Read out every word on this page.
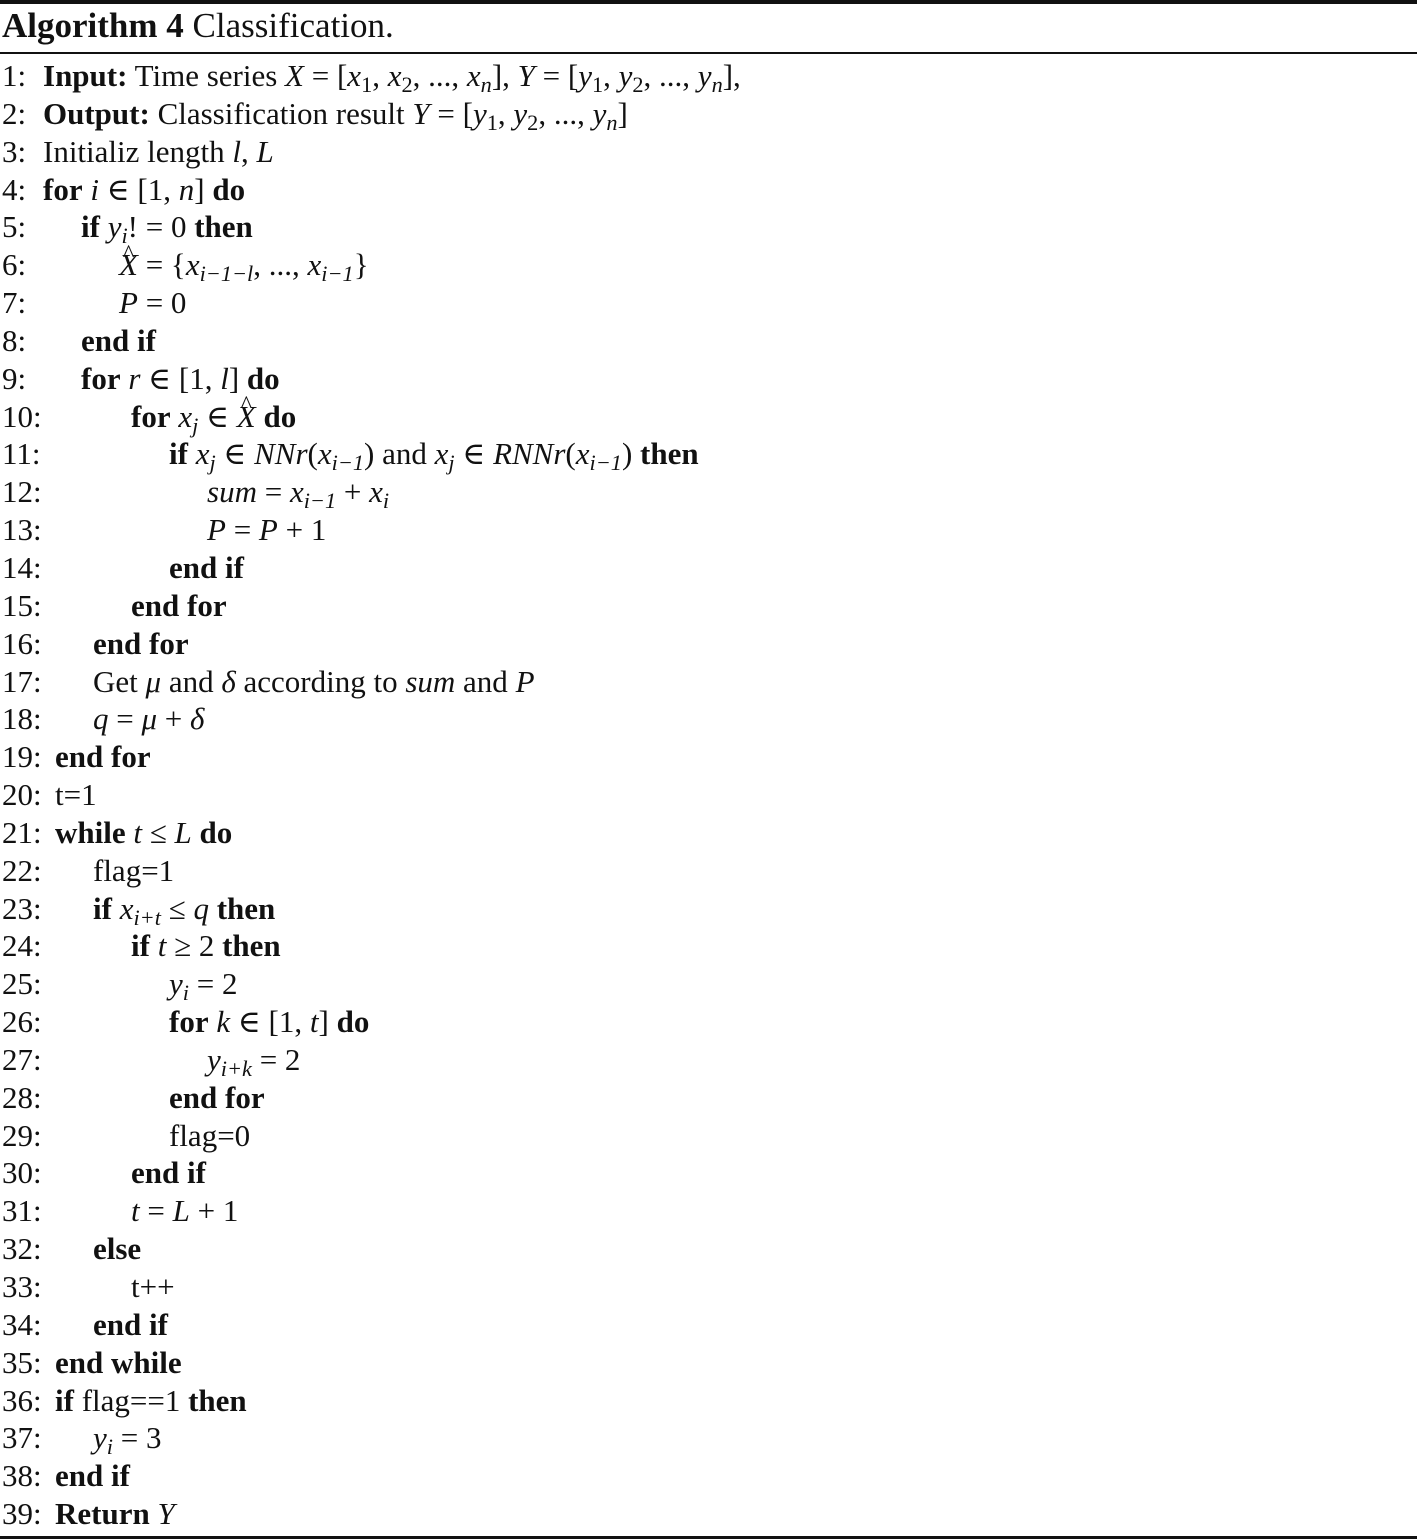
Algorithm 4 Classification.
1: Input: Time series $X = [x_1$, $x_2$, ..., $x_n$], $Y = [y_1$, $y_2$, ..., $y_n$],
2: Output: Classification result $Y = [y_1$, $y_2$, ..., $y_n$]
3: Initializ length l, L
4: for i ∈ [1, n] do
5: if $y_i$! = 0 then
6:
^	$X = \{x_{i-1-l}$, ..., $x_{i-1}$}
7:	P = 0
8: end if
9: for r ∈ [1, l] do
10:	for $x_j$ ∈ ^ X do
11:	if $x_j$ ∈ $NNr(x_{i-1})$ and $x_j$ ∈ $RNNr(x_{i-1})$ then
12:	sum = $x_{i-1} + x_i$
13:	P = P + 1
14:	end if
15:	end for
16: end for
17: Get μ and δ according to sum and P
18: q = μ + δ
19: end for
20: t=1
21: while t ≤ L do
22: flag=1
23: if $x_{i+t} \le q$ then
24:	if t ≥ 2 then
25:	$y_i = 2$
26:	for k ∈ [1, t] do
27:	$y_{i+k} = 2$
28:	end for
29:	flag=0
30:	end if
31:	t = L + 1
32: else
33:	t++
34: end if
35: end while
36: if flag==1 then
37: $y_i = 3$
38: end if
39: Return Y
